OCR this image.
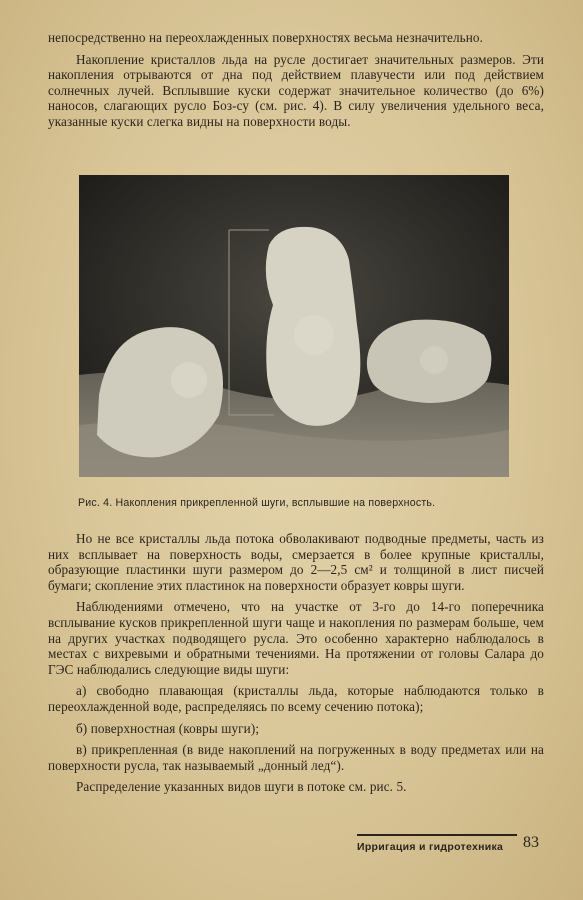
непосредственно на переохлажденных поверхностях весьма незначительно.

Накопление кристаллов льда на русле достигает значительных размеров. Эти накопления отрываются от дна под действием плавучести или под действием солнечных лучей. Всплывшие куски содержат значительное количество (до 6%) наносов, слагающих русло Боз-су (см. рис. 4). В силу увеличения удельного веса, указанные куски слегка видны на поверхности воды.

Рис. 4. Накопления прикрепленной шуги, всплывшие на поверхность.

Но не все кристаллы льда потока обволакивают подводные предметы, часть из них всплывает на поверхность воды, смерзается в более крупные кристаллы, образующие пластинки шуги размером до 2—2,5 см² и толщиной в лист писчей бумаги; скопление этих пластинок на поверхности образует ковры шуги.

Наблюдениями отмечено, что на участке от 3-го до 14-го поперечника всплывание кусков прикрепленной шуги чаще и накопления по размерам больше, чем на других участках подводящего русла. Это особенно характерно наблюдалось в местах с вихревыми и обратными течениями. На протяжении от головы Салара до ГЭС наблюдались следующие виды шуги:

а) свободно плавающая (кристаллы льда, которые наблюдаются только в переохлажденной воде, распределяясь по всему сечению потока);

б) поверхностная (ковры шуги);

в) прикрепленная (в виде накоплений на погруженных в воду предметах или на поверхности русла, так называемый „донный лед“).

Распределение указанных видов шуги в потоке см. рис. 5.

Ирригация и гидротехника 83
